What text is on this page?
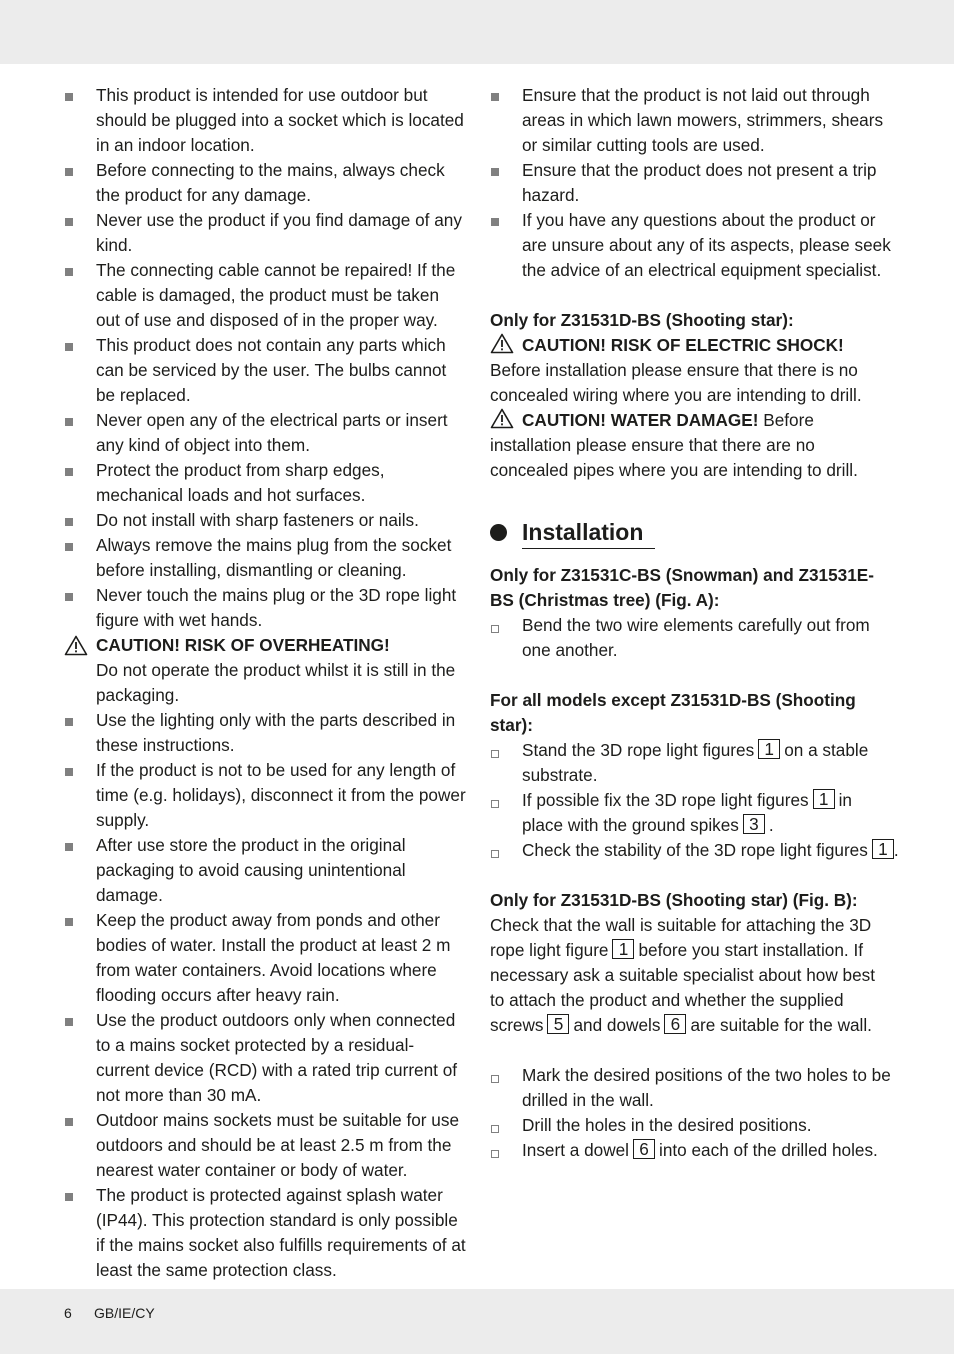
This product is intended for use outdoor but should be plugged into a socket which is located in an indoor location.
Before connecting to the mains, always check the product for any damage.
Never use the product if you find damage of any kind.
The connecting cable cannot be repaired! If the cable is damaged, the product must be taken out of use and disposed of in the proper way.
This product does not contain any parts which can be serviced by the user. The bulbs cannot be replaced.
Never open any of the electrical parts or insert any kind of object into them.
Protect the product from sharp edges, mechanical loads and hot surfaces.
Do not install with sharp fasteners or nails.
Always remove the mains plug from the socket before installing, dismantling or cleaning.
Never touch the mains plug or the 3D rope light figure with wet hands.
CAUTION! RISK OF OVERHEATING!
Do not operate the product whilst it is still in the packaging.
Use the lighting only with the parts described in these instructions.
If the product is not to be used for any length of time (e.g. holidays), disconnect it from the power supply.
After use store the product in the original packaging to avoid causing unintentional damage.
Keep the product away from ponds and other bodies of water. Install the product at least 2 m from water containers. Avoid locations where flooding occurs after heavy rain.
Use the product outdoors only when connected to a mains socket protected by a residual-current device (RCD) with a rated trip current of not more than 30 mA.
Outdoor mains sockets must be suitable for use outdoors and should be at least 2.5 m from the nearest water container or body of water.
The product is protected against splash water (IP44). This protection standard is only possible if the mains socket also fulfills requirements of at least the same protection class.
Ensure that the product is not laid out through areas in which lawn mowers, strimmers, shears or similar cutting tools are used.
Ensure that the product does not present a trip hazard.
If you have any questions about the product or are unsure about any of its aspects, please seek the advice of an electrical equipment specialist.
Only for Z31531D-BS (Shooting star):
CAUTION! RISK OF ELECTRIC SHOCK!
Before installation please ensure that there is no concealed wiring where you are intending to drill.
CAUTION! WATER DAMAGE! Before installation please ensure that there are no concealed pipes where you are intending to drill.
Installation
Only for Z31531C-BS (Snowman) and Z31531E-BS (Christmas tree) (Fig. A):
Bend the two wire elements carefully out from one another.
For all models except Z31531D-BS (Shooting star):
Stand the 3D rope light figures 1 on a stable substrate.
If possible fix the 3D rope light figures 1 in place with the ground spikes 3 .
Check the stability of the 3D rope light figures 1 .
Only for Z31531D-BS (Shooting star) (Fig. B):
Check that the wall is suitable for attaching the 3D rope light figure 1 before you start installation. If necessary ask a suitable specialist about how best to attach the product and whether the supplied screws 5 and dowels 6 are suitable for the wall.
Mark the desired positions of the two holes to be drilled in the wall.
Drill the holes in the desired positions.
Insert a dowel 6 into each of the drilled holes.
6 GB/IE/CY
